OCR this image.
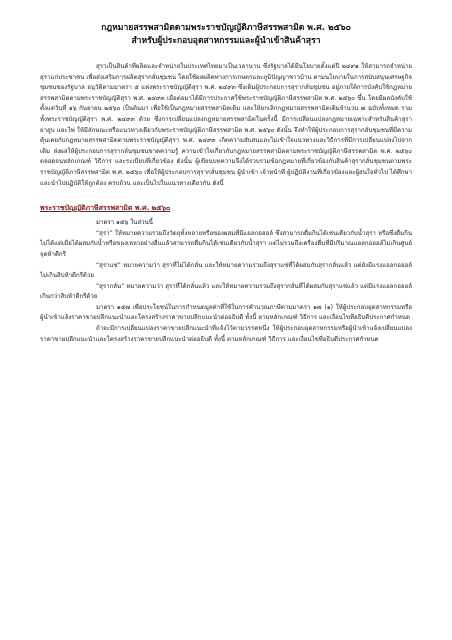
กฎหมายสรรพสามิตตามพระราชบัญญัติภาษีสรรพสามิต พ.ศ. ๒๕๖๐
สำหรับผู้ประกอบอุตสาหกรรมและผู้นำเข้าสินค้าสุรา

สุราเป็นสินค้าที่ผลิตและจำหน่ายในประเทศไทยมาเป็นเวลานาน ซึ่งรัฐบาลได้มีนโยบายตั้งแต่ปี ๒๔๙๑ ให้สามารถจำหน่ายสุราแก่ประชาชน เพื่อส่งเสริมการผลิตสุรากลั่นชุมชน โดยใช้ผลผลิตทางการเกษตรและภูมิปัญญาชาวบ้าน ตามนโยบายในการสนับสนุนเศรษฐกิจชุมชนของรัฐบาล อนุวัติตามมาตรา ๕ แห่งพระราชบัญญัติสุรา พ.ศ. ๒๔๙๓ ซึ่งเดิมผู้ประกอบการสุรากลั่นชุมชน อยู่ภายใต้การบังคับใช้กฎหมายสรรพสามิตตามพระราชบัญญัติสุรา พ.ศ. ๒๔๙๓ เมื่อต่อมาได้มีการประกาศใช้พระราชบัญญัติภาษีสรรพสามิต พ.ศ. ๒๕๖๐ ขึ้น โดยมีผลบังคับใช้ตั้งแต่วันที่ ๑๖ กันยายน ๒๕๖๐ เป็นต้นมา เพื่อใช้เป็นกฎหมายสรรพสามิตเดิม และให้ยกเลิกกฎหมายสรรพสามิตเดิมจำนวน ๗ ฉบับทั้งหมด รวมทั้งพระราชบัญญัติสุรา พ.ศ. ๒๔๙๓ ด้วย ซึ่งการเปลี่ยนแปลงกฎหมายสรรพสามิตในครั้งนี้ มีการเปลี่ยนแปลงกฎหมายเฉพาะสำหรับสินค้าสุรา ยาสูบ และไพ่ ให้มีลักษณะหรือแนวทางเดียวกับพระราชบัญญัติภาษีสรรพสามิต พ.ศ. ๒๕๖๐ ดังนั้น จึงทำให้ผู้ประกอบการสุรากลั่นชุมชนที่มีความคุ้นเคยกับกฎหมายสรรพสามิตตามพระราชบัญญัติสุรา พ.ศ. ๒๔๙๓ เกิดความสับสนและไม่เข้าใจแนวทางและวิธีการที่มีการเปลี่ยนแปลงไปจากเดิม ส่งผลให้ผู้ประกอบการสุรากลั่นชุมชนขาดความรู้ ความเข้าใจเกี่ยวกับกฎหมายสรรพสามิตตามพระราชบัญญัติภาษีสรรพสามิต พ.ศ. ๒๕๖๐ ตลอดจนหลักเกณฑ์ วิธีการ และระเบียบที่เกี่ยวข้อง ดังนั้น ผู้เขียนบทความจึงได้รวบรวมข้อกฎหมายที่เกี่ยวข้องกับสินค้าสุรากลั่นชุมชนตามพระราชบัญญัติภาษีสรรพสามิต พ.ศ. ๒๕๖๐ เพื่อให้ผู้ประกอบการสุรากลั่นชุมชน ผู้นำเข้า เจ้าหน้าที่ ผู้ปฏิบัติงานที่เกี่ยวข้องและผู้สนใจทั่วไป ได้ศึกษาและนำไปปฏิบัติให้ถูกต้อง ครบถ้วน และเป็นไปในแนวทางเดียวกัน ดังนี้

พระราชบัญญัติภาษีสรรพสามิต พ.ศ. ๒๕๖๐

มาตรา ๑๕๖ ในส่วนนี้

“สุรา” ให้หมายความรวมถึงวัตถุทั้งหลายหรือของผสมที่มีแอลกอฮอล์ ซึ่งสามารถดื่มกินได้เช่นเดียวกับน้ำสุรา หรือซึ่งดื่มกินไม่ได้แต่เมื่อได้ผสมกับน้ำหรือของเหลวอย่างอื่นแล้วสามารถดื่มกินได้เช่นเดียวกับน้ำสุรา แต่ไม่รวมถึงเครื่องดื่มที่มีปริมาณแอลกอฮอล์ไม่เกินศูนย์จุดห้าดีกรี

“สุราแช่” หมายความว่า สุราที่ไม่ได้กลั่น และให้หมายความรวมถึงสุราแช่ที่ได้ผสมกับสุรากลั่นแล้ว แต่ยังมีแรงแอลกอฮอล์ไม่เกินสิบห้าดีกรีด้วย

“สุรากลั่น” หมายความว่า สุราที่ได้กลั่นแล้ว และให้หมายความรวมถึงสุรากลั่นที่ได้ผสมกับสุราแช่แล้ว แต่มีแรงแอลกอฮอล์เกินกว่าสิบห้าดีกรีด้วย

มาตรา ๑๕๗ เพื่อประโยชน์ในการกำหนดมูลค่าที่ใช้ในการคำนวณภาษีตามมาตรา ๑๗ (๑) ให้ผู้ประกอบอุตสาหกรรมหรือผู้นำเข้าแจ้งราคาขายปลีกแนะนำและโครงสร้างราคาขายปลีกแนะนำต่ออธิบดี ทั้งนี้ ตามหลักเกณฑ์ วิธีการ และเงื่อนไขที่อธิบดีประกาศกำหนด

ถ้าจะมีการเปลี่ยนแปลงราคาขายปลีกแนะนำที่แจ้งไว้ตามวรรคหนึ่ง ให้ผู้ประกอบอุตสาหกรรมหรือผู้นำเข้าแจ้งเปลี่ยนแปลงราคาขายปลีกแนะนำและโครงสร้างราคาขายปลีกแนะนำต่ออธิบดี ทั้งนี้ ตามหลักเกณฑ์ วิธีการ และเงื่อนไขที่อธิบดีประกาศกำหนด
